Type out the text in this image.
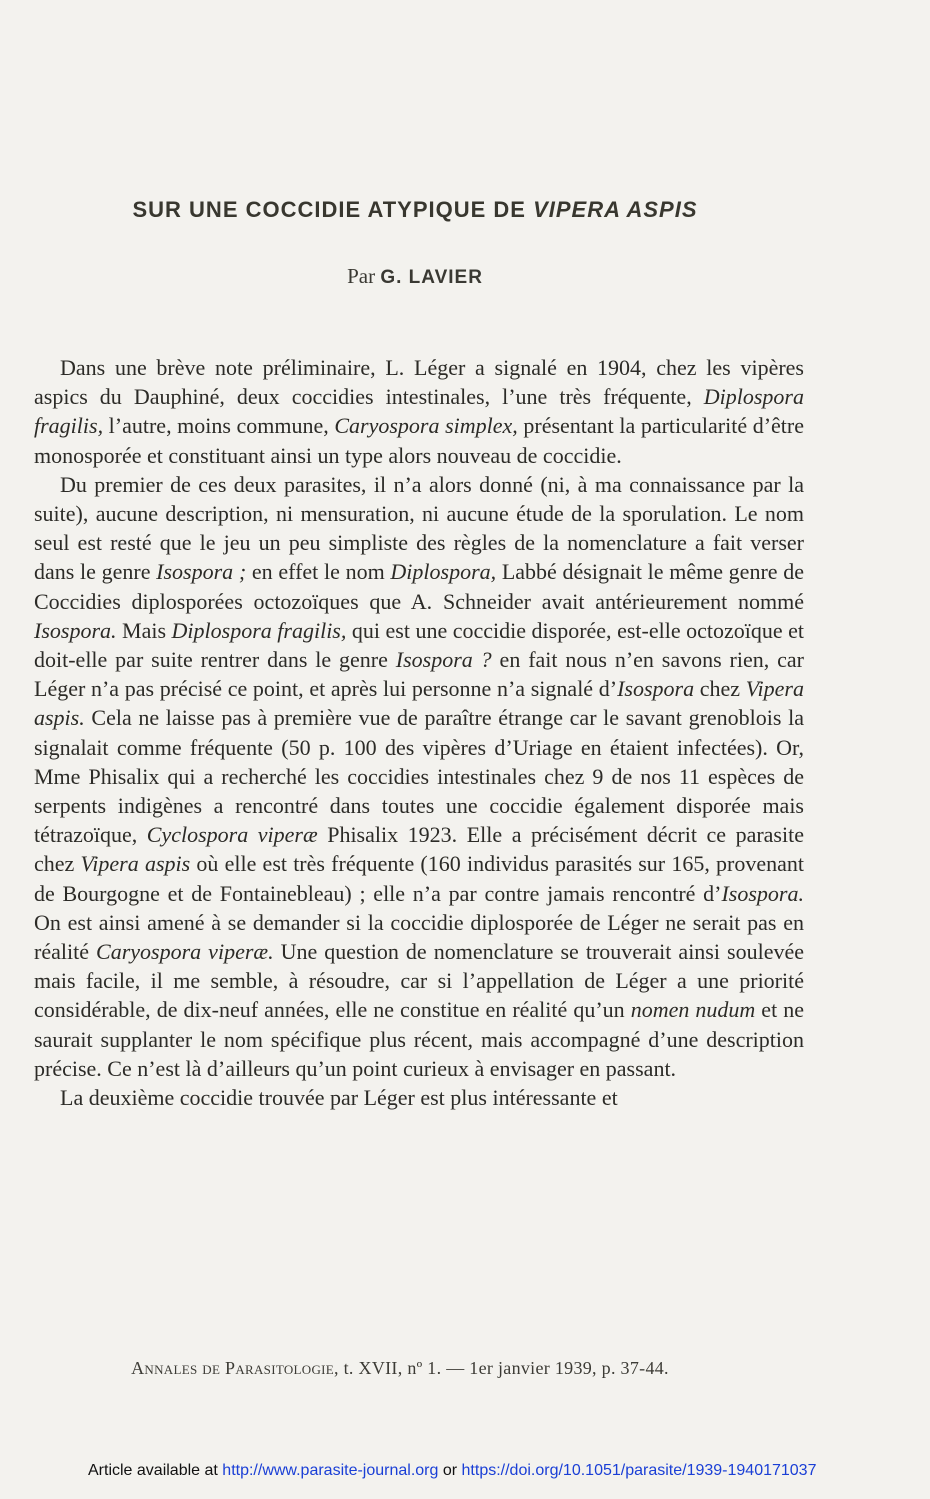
SUR UNE COCCIDIE ATYPIQUE DE VIPERA ASPIS
Par G. LAVIER

Dans une brève note préliminaire, L. Léger a signalé en 1904, chez les vipères aspics du Dauphiné, deux coccidies intestinales, l’une très fréquente, Diplospora fragilis, l’autre, moins commune, Caryospora simplex, présentant la particularité d’être monosporée et constituant ainsi un type alors nouveau de coccidie.

Du premier de ces deux parasites, il n’a alors donné (ni, à ma connaissance par la suite), aucune description, ni mensuration, ni aucune étude de la sporulation. Le nom seul est resté que le jeu un peu simpliste des règles de la nomenclature a fait verser dans le genre Isospora ; en effet le nom Diplospora, Labbé désignait le même genre de Coccidies diplosporées octozoïques que A. Schneider avait antérieurement nommé Isospora. Mais Diplospora fragilis, qui est une coccidie disporée, est-elle octozoïque et doit-elle par suite rentrer dans le genre Isospora ? en fait nous n’en savons rien, car Léger n’a pas précisé ce point, et après lui personne n’a signalé d’Isospora chez Vipera aspis. Cela ne laisse pas à première vue de paraître étrange car le savant grenoblois la signalait comme fréquente (50 p. 100 des vipères d’Uriage en étaient infectées). Or, Mme Phisalix qui a recherché les coccidies intestinales chez 9 de nos 11 espèces de serpents indigènes a rencontré dans toutes une coccidie également disporée mais tétrazoïque, Cyclospora viperæ Phisalix 1923. Elle a précisément décrit ce parasite chez Vipera aspis où elle est très fréquente (160 individus parasités sur 165, provenant de Bourgogne et de Fontainebleau) ; elle n’a par contre jamais rencontré d’Isospora. On est ainsi amené à se demander si la coccidie diplosporée de Léger ne serait pas en réalité Caryospora viperæ. Une question de nomenclature se trouverait ainsi soulevée mais facile, il me semble, à résoudre, car si l’appellation de Léger a une priorité considérable, de dix-neuf années, elle ne constitue en réalité qu’un nomen nudum et ne saurait supplanter le nom spécifique plus récent, mais accompagné d’une description précise. Ce n’est là d’ailleurs qu’un point curieux à envisager en passant.

La deuxième coccidie trouvée par Léger est plus intéressante et

Annales de Parasitologie, t. XVII, nº 1. — 1er janvier 1939, p. 37-44.
Article available at http://www.parasite-journal.org or https://doi.org/10.1051/parasite/1939-1940171037
